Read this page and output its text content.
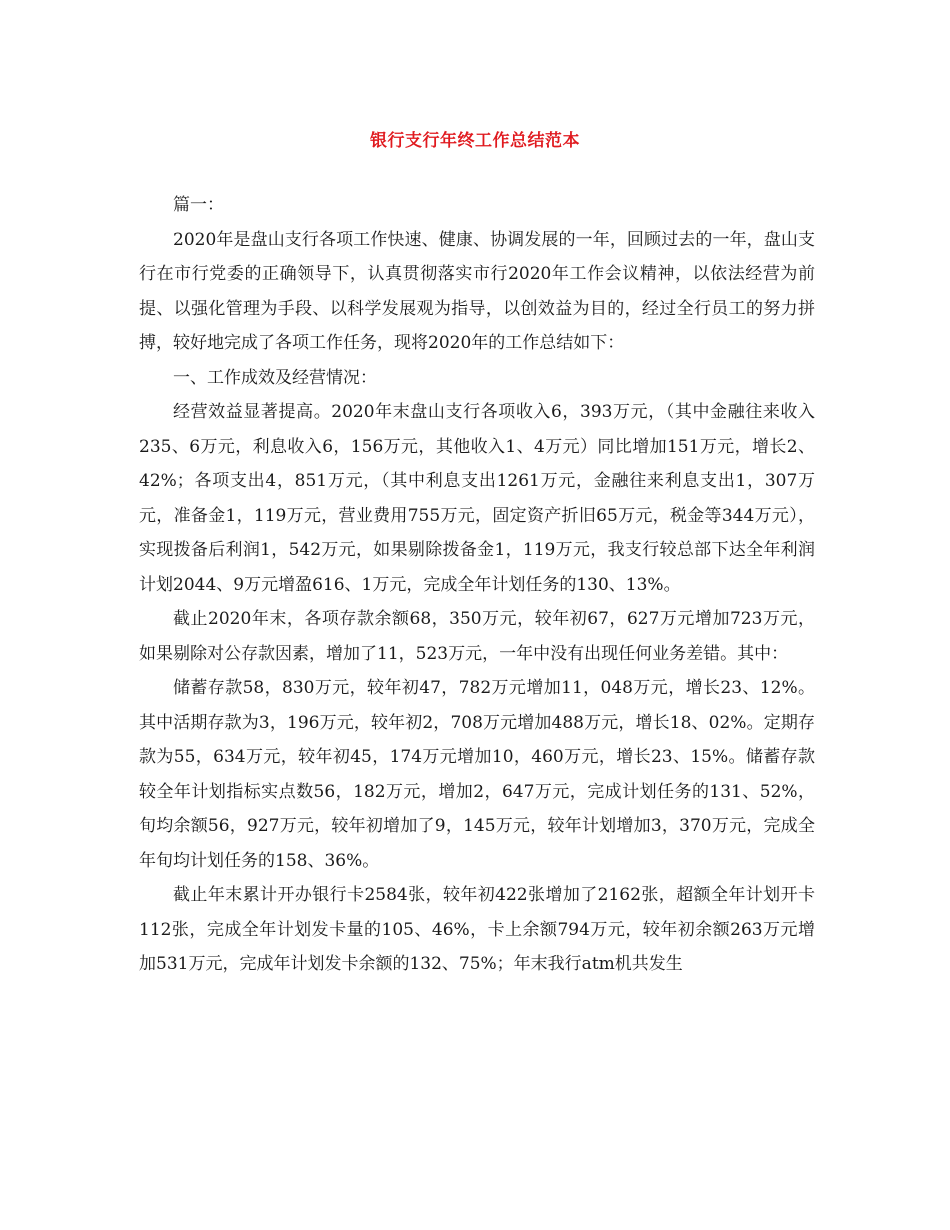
银行支行年终工作总结范本

篇一：

2020年是盘山支行各项工作快速、健康、协调发展的一年，回顾过去的一年，盘山支行在市行党委的正确领导下，认真贯彻落实市行2020年工作会议精神，以依法经营为前提、以强化管理为手段、以科学发展观为指导，以创效益为目的，经过全行员工的努力拼搏，较好地完成了各项工作任务，现将2020年的工作总结如下：

一、工作成效及经营情况：

经营效益显著提高。2020年末盘山支行各项收入6，393万元，（其中金融往来收入235、6万元，利息收入6，156万元，其他收入1、4万元）同比增加151万元，增长2、42%；各项支出4，851万元，（其中利息支出1261万元，金融往来利息支出1，307万元，准备金1，119万元，营业费用755万元，固定资产折旧65万元，税金等344万元），实现拨备后利润1，542万元，如果剔除拨备金1，119万元，我支行较总部下达全年利润计划2044、9万元增盈616、1万元，完成全年计划任务的130、13%。

截止2020年末，各项存款余额68，350万元，较年初67，627万元增加723万元，如果剔除对公存款因素，增加了11，523万元，一年中没有出现任何业务差错。其中：

储蓄存款58，830万元，较年初47，782万元增加11，048万元，增长23、12%。其中活期存款为3，196万元，较年初2，708万元增加488万元，增长18、02%。定期存款为55，634万元，较年初45，174万元增加10，460万元，增长23、15%。储蓄存款较全年计划指标实点数56，182万元，增加2，647万元，完成计划任务的131、52%，旬均余额56，927万元，较年初增加了9，145万元，较年计划增加3，370万元，完成全年旬均计划任务的158、36%。

截止年末累计开办银行卡2584张，较年初422张增加了2162张，超额全年计划开卡112张，完成全年计划发卡量的105、46%，卡上余额794万元，较年初余额263万元增加531万元，完成年计划发卡余额的132、75%；年末我行atm机共发生
